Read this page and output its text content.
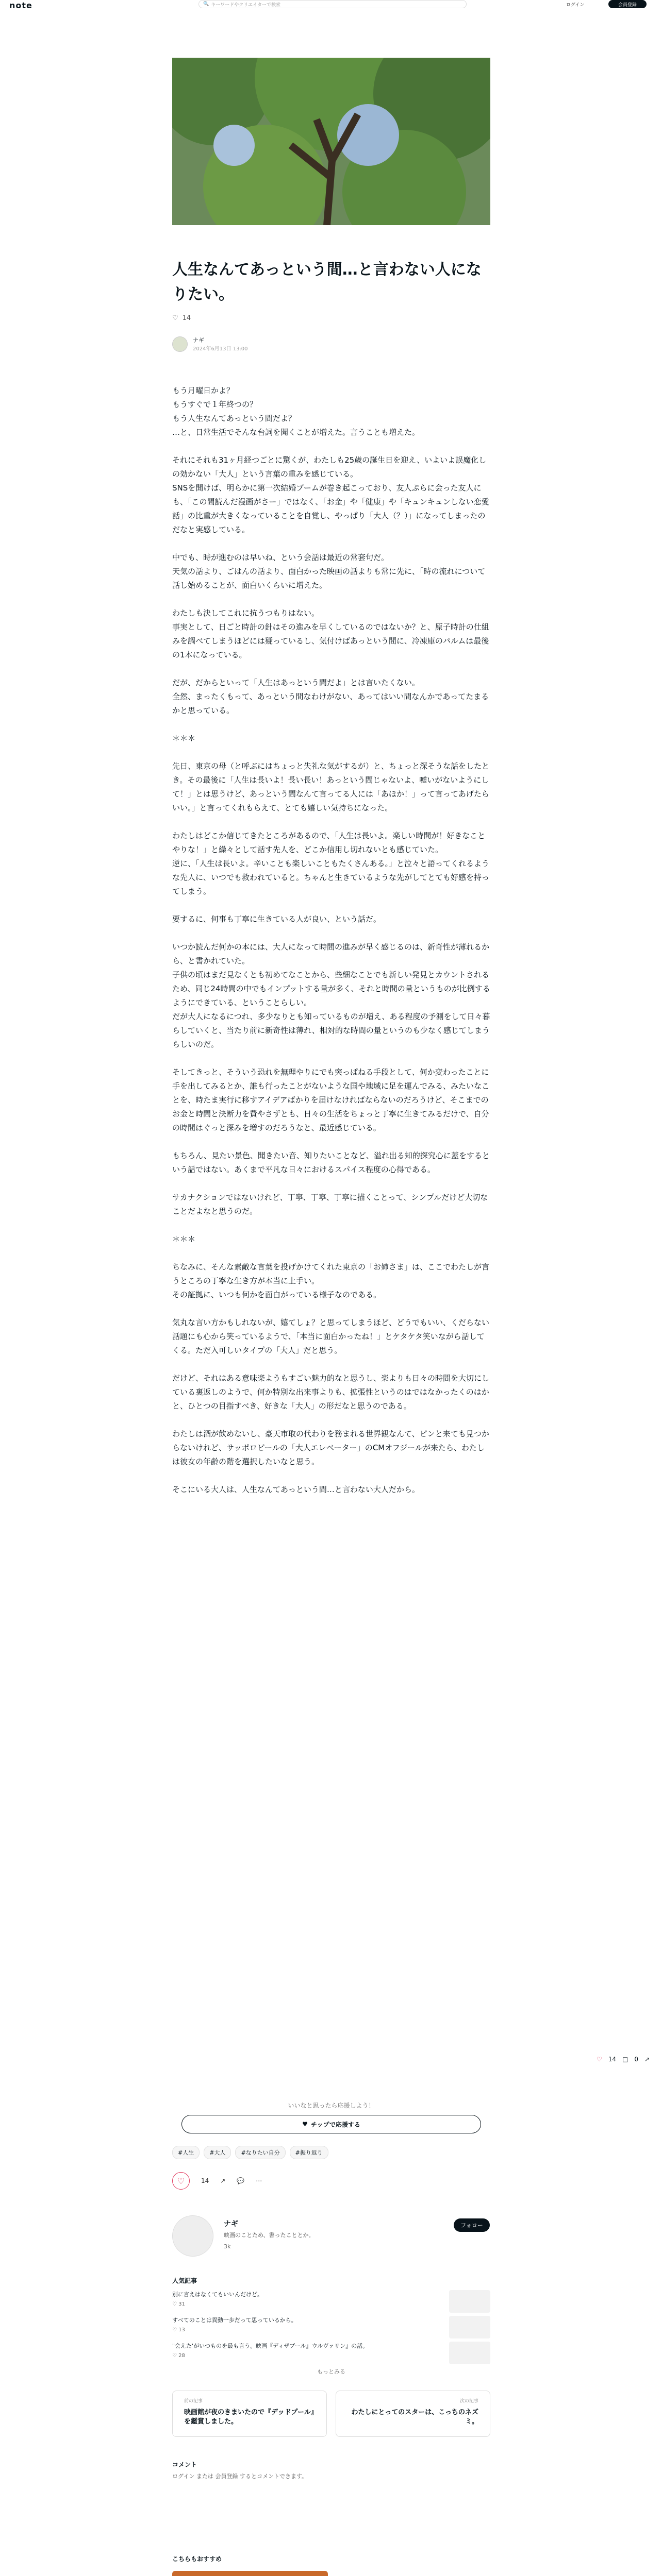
note	🔍 キーワードやクリエイターで検索	ログイン	会員登録
人生なんてあっという間…と言わない人になりたい。
♡ 14
ナギ
2024年6月13日 13:00

もう月曜日かよ？
もうすぐで１年終つの？
もう人生なんてあっという間だよ？
…と、日常生活でそんな台詞を聞くことが増えた。言うことも増えた。

それにそれも31ヶ月経つごとに驚くが、わたしも25歳の誕生日を迎え、いよいよ誤魔化しの効かない「大人」という言葉の重みを感じている。
SNSを開けば、明らかに第一次結婚ブームが巻き起こっており、友人ぷらに会った友人にも、「この間読んだ漫画がさー」ではなく、「お金」や「健康」や「キュンキュンしない恋愛話」の比重が大きくなっていることを自覚し、やっぱり「大人（？）」になってしまったのだなと実感している。

中でも、時が進むのは早いね、という会話は最近の常套句だ。
天気の話より、ごはんの話より、面白かった映画の話よりも常に先に、「時の流れについて話し始めることが、面白いくらいに増えた。

わたしも決してこれに抗うつもりはない。
事実として、日ごと時計の針はその進みを早くしているのではないか？と、原子時計の仕組みを調べてしまうほどには疑っているし、気付けばあっという間に、冷凍庫のパルムは最後の1本になっている。

だが、だからといって「人生はあっという間だよ」とは言いたくない。
全然、まったくもって、あっという間なわけがない、あってはいい間なんかであってたまるかと思っている。

＊＊＊

先日、東京の母（と呼ぶにはちょっと失礼な気がするが）と、ちょっと深そうな話をしたとき。その最後に「人生は長いよ！長い長い！あっという間じゃないよ、嘘いがないようにして！」とは思うけど、あっという間なんて言ってる人には「あほか！」って言ってあげたらいい。」と言ってくれもらえて、とても嬉しい気持ちになった。

わたしはどこか信じてきたところがあるので、「人生は長いよ。楽しい時間が！好きなことやりな！」と繰々として話す先人を、どこか信用し切れないとも感じていた。
逆に、「人生は長いよ。辛いことも楽しいこともたくさんある。」と泣々と語ってくれるような先人に、いつでも救われていると。ちゃんと生きているような先がしてとても好感を持ってしまう。

要するに、何事も丁寧に生きている人が良い、という話だ。

いつか読んだ何かの本には、大人になって時間の進みが早く感じるのは、新奇性が薄れるから、と書かれていた。
子供の頃はまだ見なくとも初めてなことから、些細なことでも新しい発見とカウントされるため、同じ24時間の中でもインプットする量が多く、それと時間の量というものが比例するようにできている、ということらしい。
だが大人になるにつれ、多少なりとも知っているものが増え、ある程度の予測をして日々暮らしていくと、当たり前に新奇性は薄れ、相対的な時間の量というのも少なく感じてしまうらしいのだ。

そしてきっと、そういう恐れを無理やりにでも突っぱねる手段として、何か変わったことに手を出してみるとか、誰も行ったことがないような国や地域に足を運んでみる、みたいなことを、時たま実行に移すアイデアばかりを届けなければならないのだろうけど、そこまでのお金と時間と決断力を費やさずとも、日々の生活をちょっと丁寧に生きてみるだけで、自分の時間はぐっと深みを増すのだろうなと、最近感じている。

もちろん、見たい景色、聞きたい音、知りたいことなど、溢れ出る知的探究心に蓋をするという話ではない。あくまで平凡な日々におけるスパイス程度の心得である。

サカナクションではないけれど、丁寧、丁寧、丁寧に描くことって、シンプルだけど大切なことだよなと思うのだ。

＊＊＊

ちなみに、そんな素敵な言葉を投げかけてくれた東京の「お姉さま」は、ここでわたしが言うところの丁寧な生き方が本当に上手い。
その証拠に、いつも何かを面白がっている様子なのである。

気丸な言い方かもしれないが、嬉てしょ？と思ってしまうほど、どうでもいい、くだらない話題にも心から笑っているようで、「本当に面白かったね！」とケタケタ笑いながら話してくる。ただ入可しいタイプの「大人」だと思う。

だけど、それはある意味楽ようもすごい魅力的なと思うし、楽よりも日々の時間を大切にしている裏返しのようで、何か特別な出来事よりも、拡張性というのはではなかったくのはかと、ひとつの目指すべき、好きな「大人」の形だなと思うのである。

わたしは酒が飲めないし、豪天市取の代わりを務まれる世界観なんて、ピンと来ても見つからないけれど、サッポロビールの「大人エレベーター」のCMオフジールが来たら、わたしは彼女の年齢の階を選択したいなと思う。

そこにいる大人は、人生なんてあっという間…と言わない大人だから。

♡ 14 □ 0 ↗
いいなと思ったら応援しよう！
♥ チップで応援する
#人生	#大人	#なりたい自分	#振り返り
♡	14 ↗ 💬 ⋯
ナギ
映画のことため、書ったこととか。
3k
フォロー
人気記事
別に言えはなくてもいいんだけど。
♡ 31
すべてのことは異動一歩だって思っているから。
♡ 13
"会えた'がいつものを最も言う。映画『ディザプール』ウルヴァリン』の話。
♡ 28
もっとみる
前の記事
映画館が夜のきまいたので『デッドプール』を鑑賞しました。
次の記事
わたしにとってのスターは、こっちのネズミ。
コメント
ログイン または 会員登録 するとコメントできます。
こちらもおすすめ
